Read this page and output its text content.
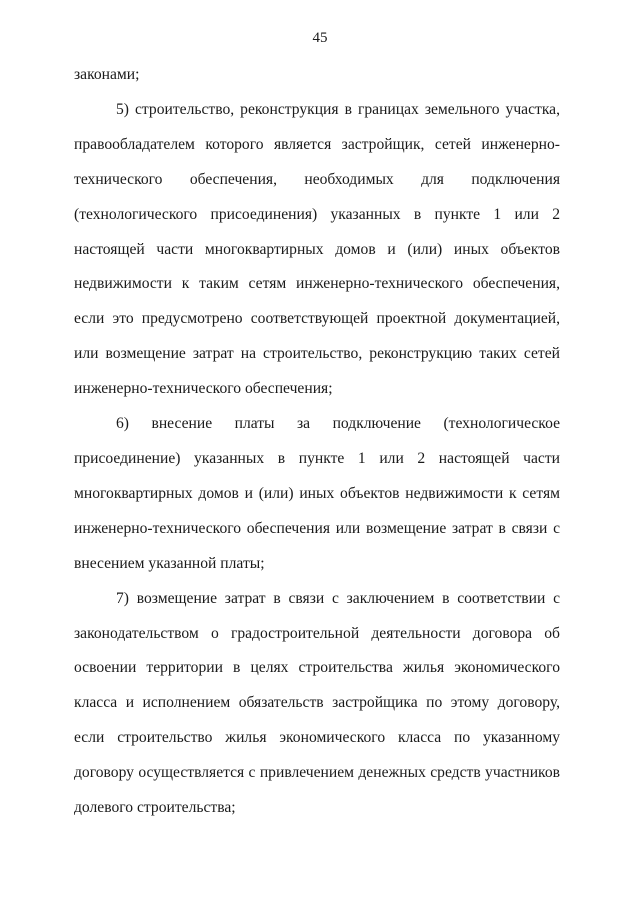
45

законами;

5) строительство, реконструкция в границах земельного участка, правообладателем которого является застройщик, сетей инженерно-технического обеспечения, необходимых для подключения (технологического присоединения) указанных в пункте 1 или 2 настоящей части многоквартирных домов и (или) иных объектов недвижимости к таким сетям инженерно-технического обеспечения, если это предусмотрено соответствующей проектной документацией, или возмещение затрат на строительство, реконструкцию таких сетей инженерно-технического обеспечения;

6) внесение платы за подключение (технологическое присоединение) указанных в пункте 1 или 2 настоящей части многоквартирных домов и (или) иных объектов недвижимости к сетям инженерно-технического обеспечения или возмещение затрат в связи с внесением указанной платы;

7) возмещение затрат в связи с заключением в соответствии с законодательством о градостроительной деятельности договора об освоении территории в целях строительства жилья экономического класса и исполнением обязательств застройщика по этому договору, если строительство жилья экономического класса по указанному договору осуществляется с привлечением денежных средств участников долевого строительства;
